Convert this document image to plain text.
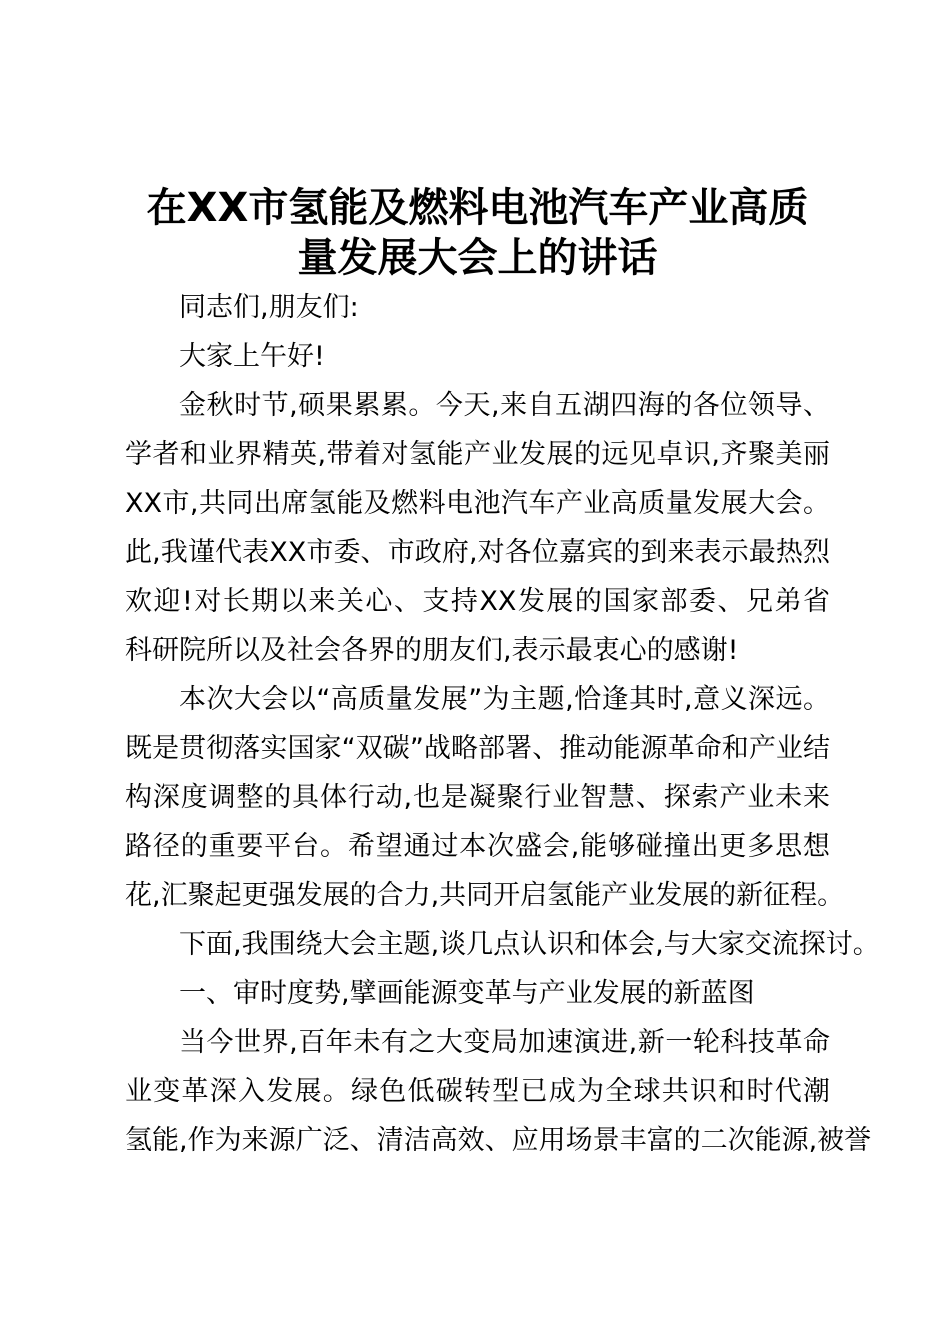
在XX市氢能及燃料电池汽车产业高质
量发展大会上的讲话
同志们,朋友们:
大家上午好!
金秋时节,硕果累累。今天,来自五湖四海的各位领导、
学者和业界精英,带着对氢能产业发展的远见卓识,齐聚美丽
XX市,共同出席氢能及燃料电池汽车产业高质量发展大会。
此,我谨代表XX市委、市政府,对各位嘉宾的到来表示最热烈
欢迎!对长期以来关心、支持XX发展的国家部委、兄弟省
科研院所以及社会各界的朋友们,表示最衷心的感谢!
本次大会以“高质量发展”为主题,恰逢其时,意义深远。
既是贯彻落实国家“双碳”战略部署、推动能源革命和产业结
构深度调整的具体行动,也是凝聚行业智慧、探索产业未来
路径的重要平台。希望通过本次盛会,能够碰撞出更多思想
花,汇聚起更强发展的合力,共同开启氢能产业发展的新征程。
下面,我围绕大会主题,谈几点认识和体会,与大家交流探讨。
一、审时度势,擘画能源变革与产业发展的新蓝图
当今世界,百年未有之大变局加速演进,新一轮科技革命
业变革深入发展。绿色低碳转型已成为全球共识和时代潮
氢能,作为来源广泛、清洁高效、应用场景丰富的二次能源,被誉
